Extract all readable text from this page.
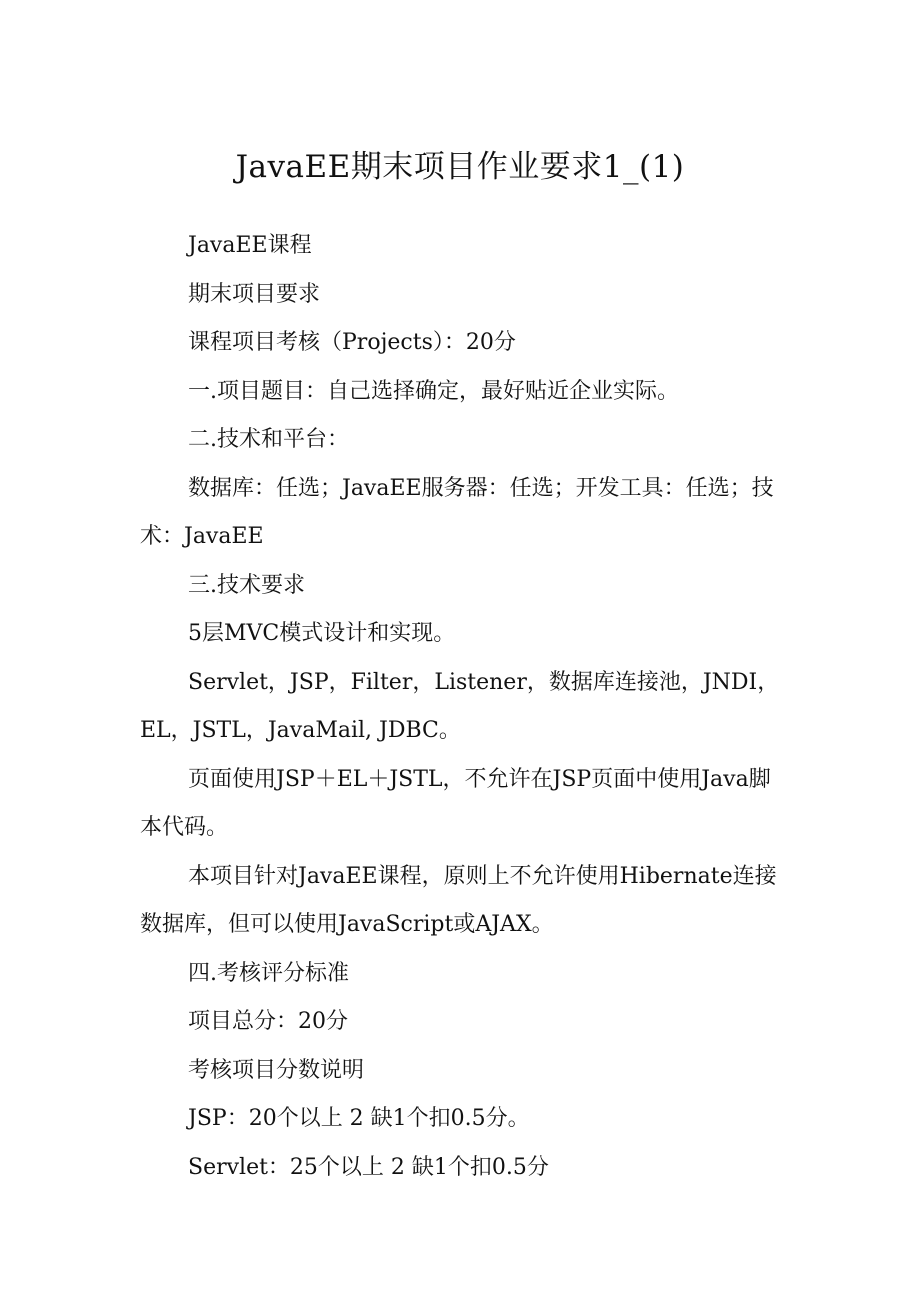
JavaEE期末项目作业要求1_(1)

JavaEE课程

期末项目要求

课程项目考核（Projects）：20分

一.项目题目：自己选择确定，最好贴近企业实际。

二.技术和平台：

数据库：任选；JavaEE服务器：任选；开发工具：任选；技术：JavaEE

三.技术要求

5层MVC模式设计和实现。

Servlet，JSP，Filter，Listener，数据库连接池，JNDI，EL，JSTL，JavaMail, JDBC。

页面使用JSP＋EL＋JSTL，不允许在JSP页面中使用Java脚本代码。

本项目针对JavaEE课程，原则上不允许使用Hibernate连接数据库，但可以使用JavaScript或AJAX。

四.考核评分标准

项目总分：20分

考核项目分数说明

JSP：20个以上 2 缺1个扣0.5分。

Servlet：25个以上 2 缺1个扣0.5分
